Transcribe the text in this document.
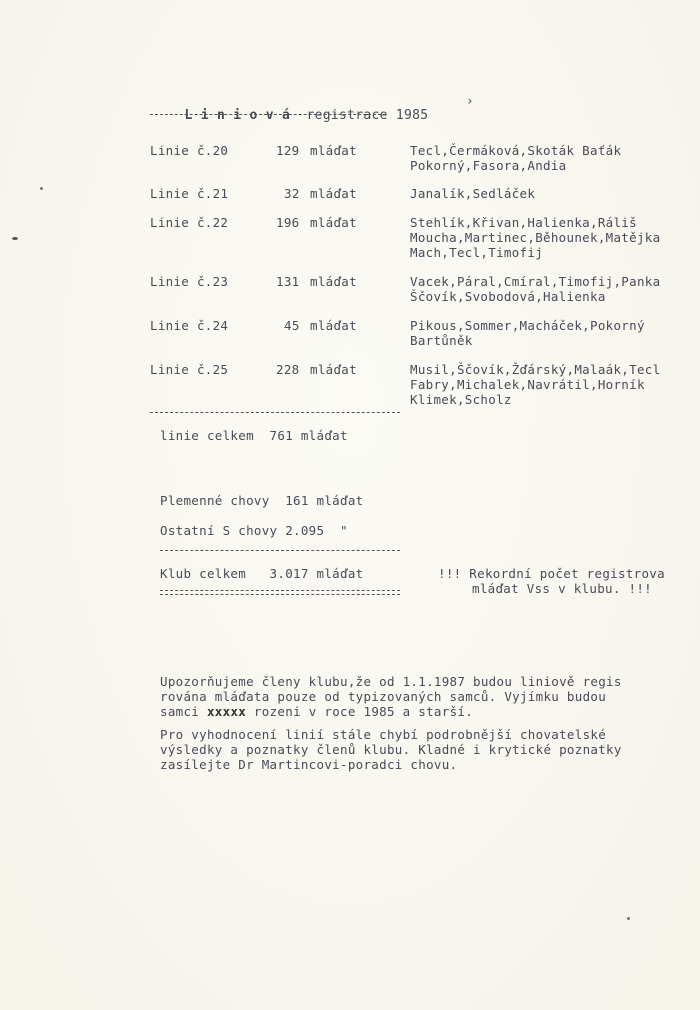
L i n i o v á registrace 1985

›
Linie č.20	129 mláďat	Tecl,Čermáková,Skoták Baťák
Pokorný,Fasora,Andia
Linie č.21	32 mláďat	Janalík,Sedláček
Linie č.22	196 mláďat	Stehlík,Křivan,Halienka,Ráliš
Moucha,Martinec,Běhounek,Matějka
Mach,Tecl,Timofij
Linie č.23	131 mláďat	Vacek,Páral,Cmíral,Timofij,Panka
Ščovík,Svobodová,Halienka
Linie č.24	45 mláďat	Pikous,Sommer,Macháček,Pokorný
Bartůněk
Linie č.25	228 mláďat	Musil,Ščovík,Žďárský,Malaák,Tecl
Fabry,Michalek,Navrátil,Horník
Klimek,Scholz
linie celkem  761 mláďat
Plemenné chovy  161 mláďat
Ostatní S chovy 2.095  "
Klub celkem   3.017 mláďat	!!! Rekordní počet registrova
mláďat Vss v klubu. !!!
Upozorňujeme členy klubu,že od 1.1.1987 budou liniově regis
rována mláďata pouze od typizovaných samců. Vyjímku budou
samci xxxxx rozeni v roce 1985 a starší.
Pro vyhodnocení linií stále chybí podrobnější chovatelské
výsledky a poznatky členů klubu. Kladné i krytické poznatky
zasílejte Dr Martincovi-poradci chovu.
